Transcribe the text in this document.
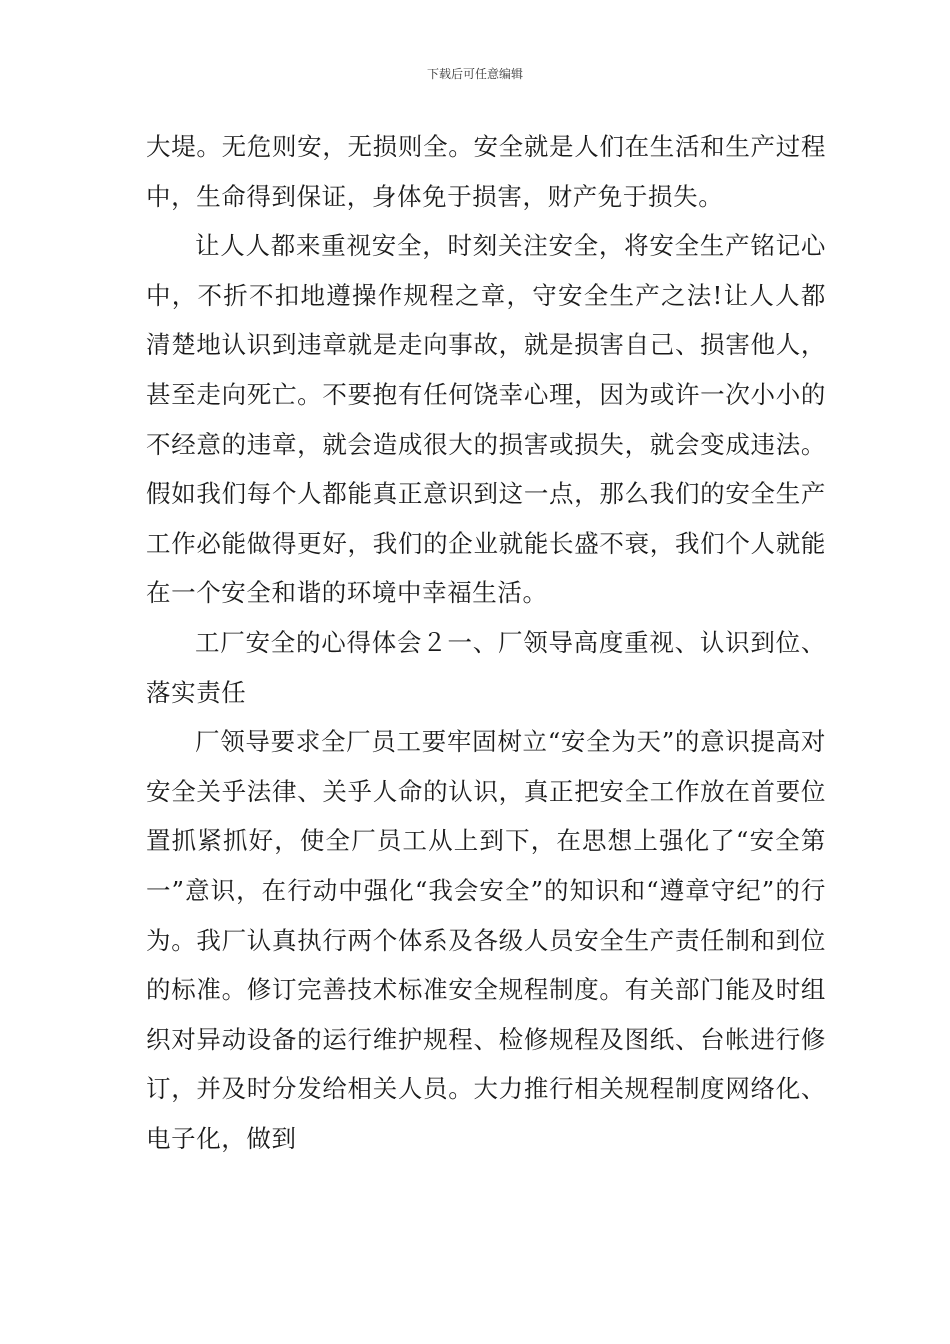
下载后可任意编辑

大堤。无危则安，无损则全。安全就是人们在生活和生产过程中，生命得到保证，身体免于损害，财产免于损失。

让人人都来重视安全，时刻关注安全，将安全生产铭记心中，不折不扣地遵操作规程之章，守安全生产之法!让人人都清楚地认识到违章就是走向事故，就是损害自己、损害他人，甚至走向死亡。不要抱有任何饶幸心理，因为或许一次小小的不经意的违章，就会造成很大的损害或损失，就会变成违法。假如我们每个人都能真正意识到这一点，那么我们的安全生产工作必能做得更好，我们的企业就能长盛不衰，我们个人就能在一个安全和谐的环境中幸福生活。

工厂安全的心得体会２一、厂领导高度重视、认识到位、落实责任

厂领导要求全厂员工要牢固树立“安全为天”的意识提高对安全关乎法律、关乎人命的认识，真正把安全工作放在首要位置抓紧抓好，使全厂员工从上到下，在思想上强化了“安全第一”意识，在行动中强化“我会安全”的知识和“遵章守纪”的行为。我厂认真执行两个体系及各级人员安全生产责任制和到位的标准。修订完善技术标准安全规程制度。有关部门能及时组织对异动设备的运行维护规程、检修规程及图纸、台帐进行修订，并及时分发给相关人员。大力推行相关规程制度网络化、电子化，做到
